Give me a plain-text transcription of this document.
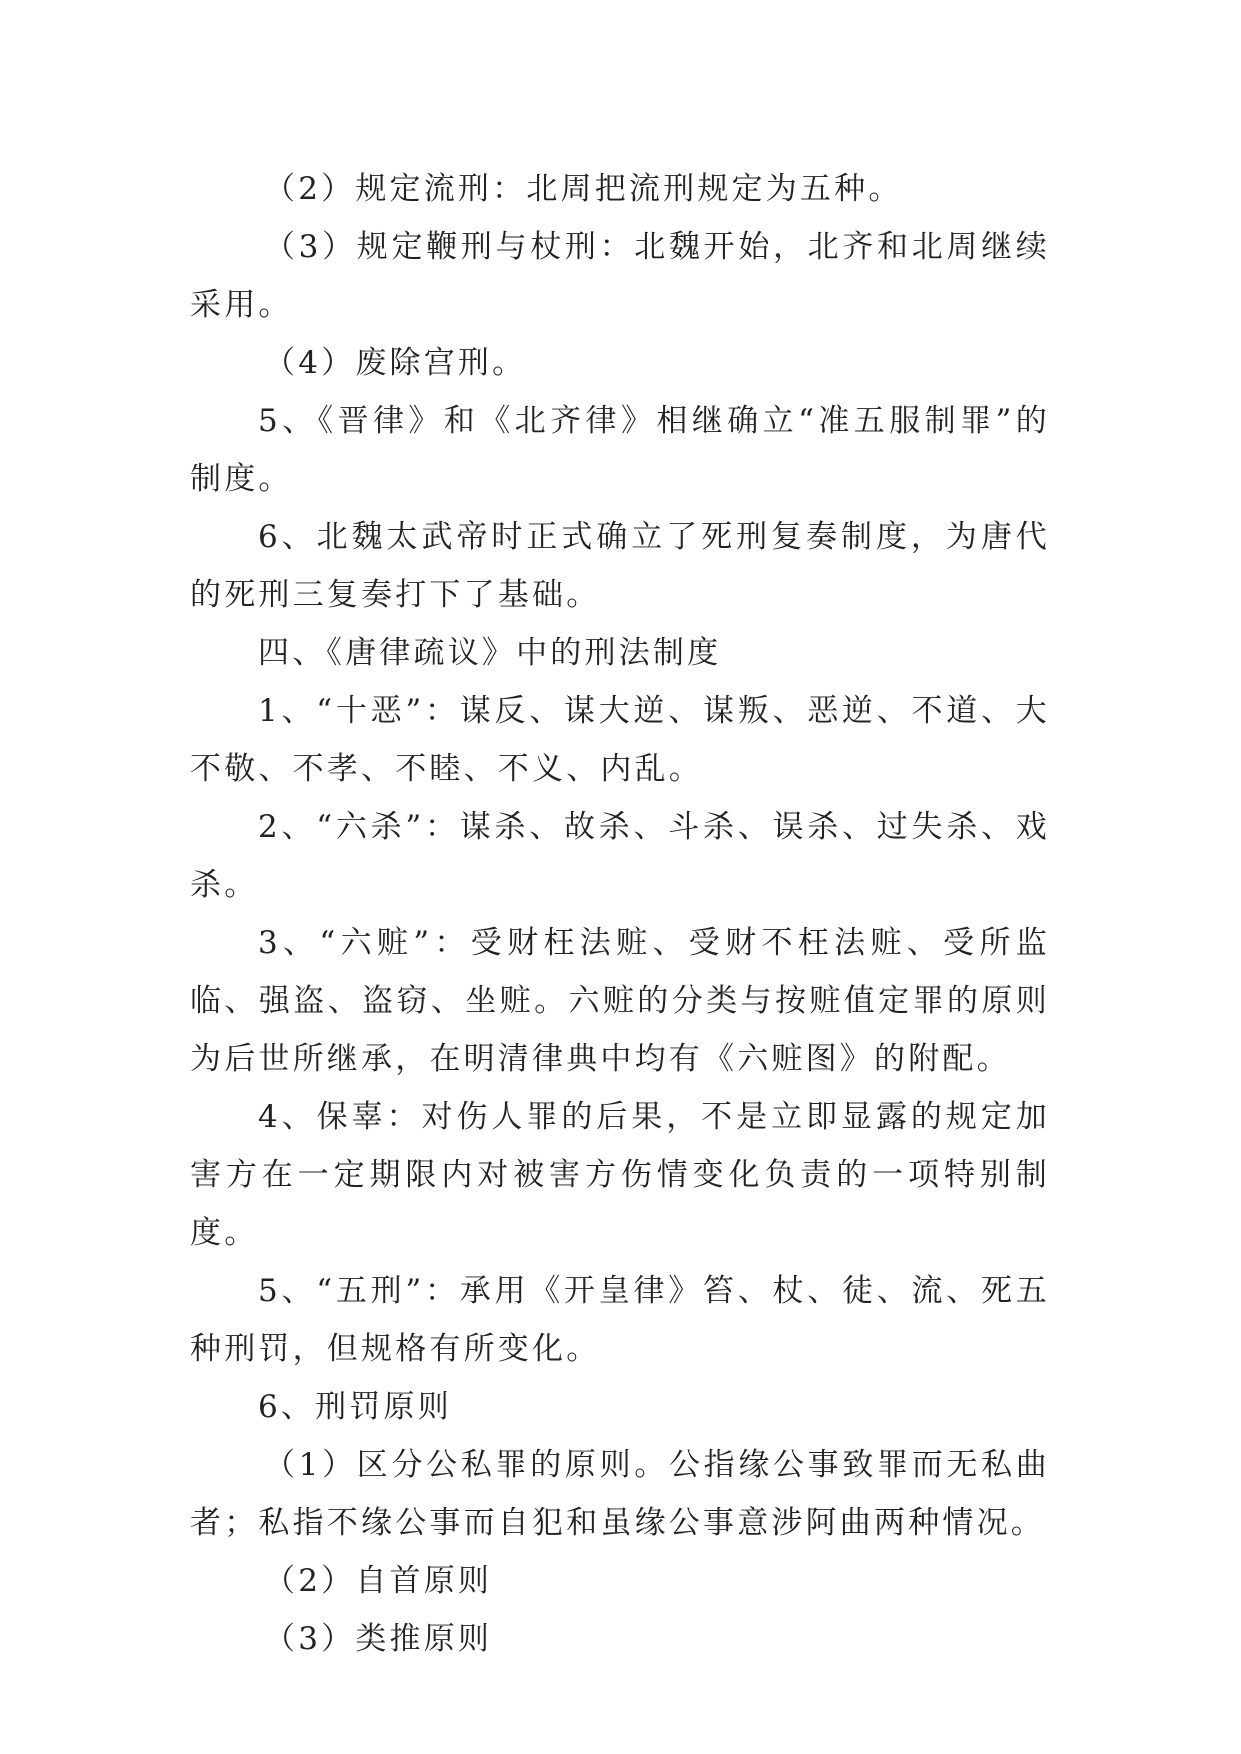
（2）规定流刑：北周把流刑规定为五种。

（3）规定鞭刑与杖刑：北魏开始，北齐和北周继续采用。

（4）废除宫刑。

5、《晋律》和《北齐律》相继确立“准五服制罪”的制度。

6、北魏太武帝时正式确立了死刑复奏制度，为唐代的死刑三复奏打下了基础。

四、《唐律疏议》中的刑法制度

1、“十恶”：谋反、谋大逆、谋叛、恶逆、不道、大不敬、不孝、不睦、不义、内乱。

2、“六杀”：谋杀、故杀、斗杀、误杀、过失杀、戏杀。

3、“六赃”：受财枉法赃、受财不枉法赃、受所监临、强盗、盗窃、坐赃。六赃的分类与按赃值定罪的原则为后世所继承，在明清律典中均有《六赃图》的附配。

4、保辜：对伤人罪的后果，不是立即显露的规定加害方在一定期限内对被害方伤情变化负责的一项特别制度。

5、“五刑”：承用《开皇律》笞、杖、徒、流、死五种刑罚，但规格有所变化。

6、刑罚原则

（1）区分公私罪的原则。公指缘公事致罪而无私曲者；私指不缘公事而自犯和虽缘公事意涉阿曲两种情况。

（2）自首原则

（3）类推原则
